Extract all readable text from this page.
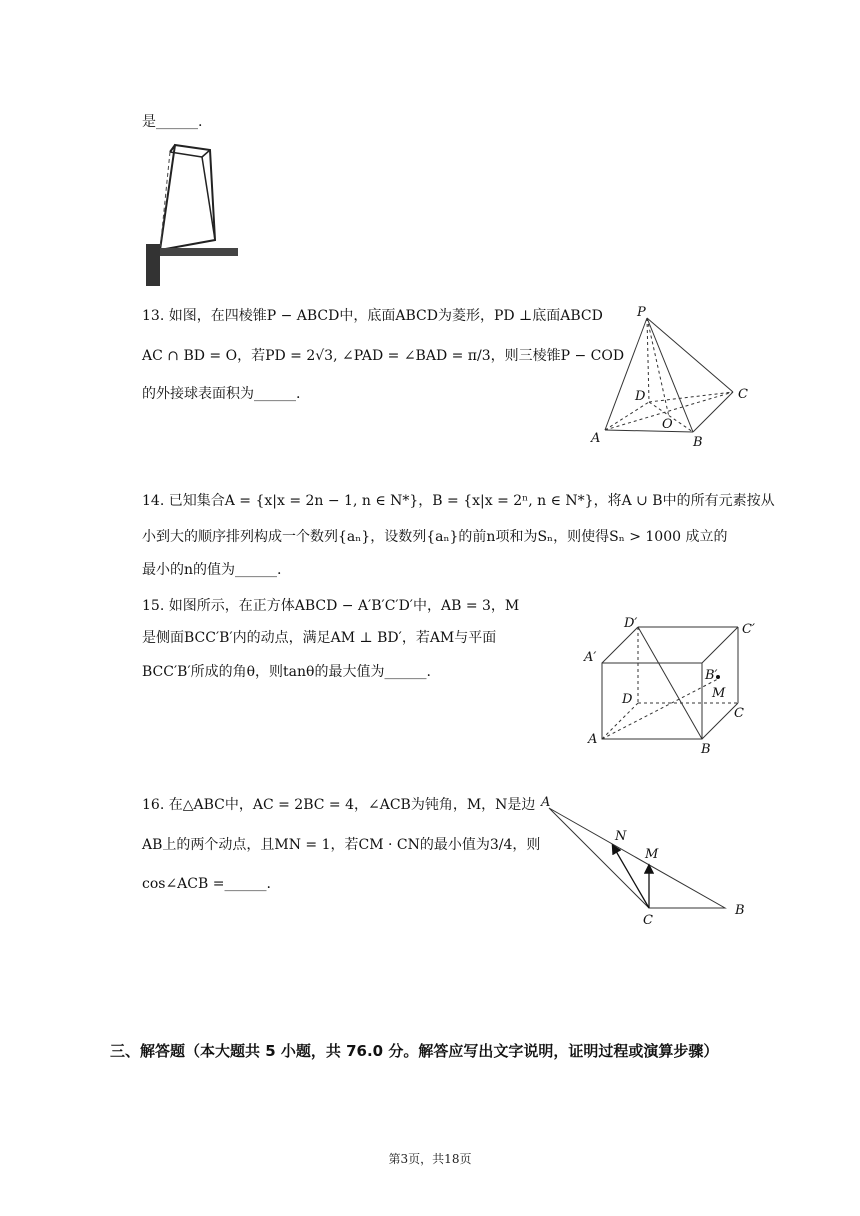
是______.
13. 如图，在四棱锥P − ABCD中，底面ABCD为菱形，PD ⊥底面ABCD
AC ∩ BD = O，若PD = 2√3, ∠PAD = ∠BAD = π/3，则三棱锥P − COD
的外接球表面积为______.
P
D	C
O
A	B
14. 已知集合A = {x|x = 2n − 1, n ∈ N*}，B = {x|x = 2ⁿ, n ∈ N*}，将A ∪ B中的所有元素按从
小到大的顺序排列构成一个数列{aₙ}，设数列{aₙ}的前n项和为Sₙ，则使得Sₙ > 1000 成立的
最小的n的值为______.
15. 如图所示，在正方体ABCD − A′B′C′D′中，AB = 3，M
是侧面BCC′B′内的动点，满足AM ⊥ BD′，若AM与平面
BCC′B′所成的角θ，则tanθ的最大值为______.
D′	C′
A′
B′
M
D
C
A
B
16. 在△ABC中，AC = 2BC = 4，∠ACB为钝角，M，N是边
AB上的两个动点，且MN = 1，若CM · CN的最小值为3/4，则
cos∠ACB =______.
A
N
M
C
B
三、解答题（本大题共 5 小题，共 76.0 分。解答应写出文字说明，证明过程或演算步骤）
第3页，共18页
